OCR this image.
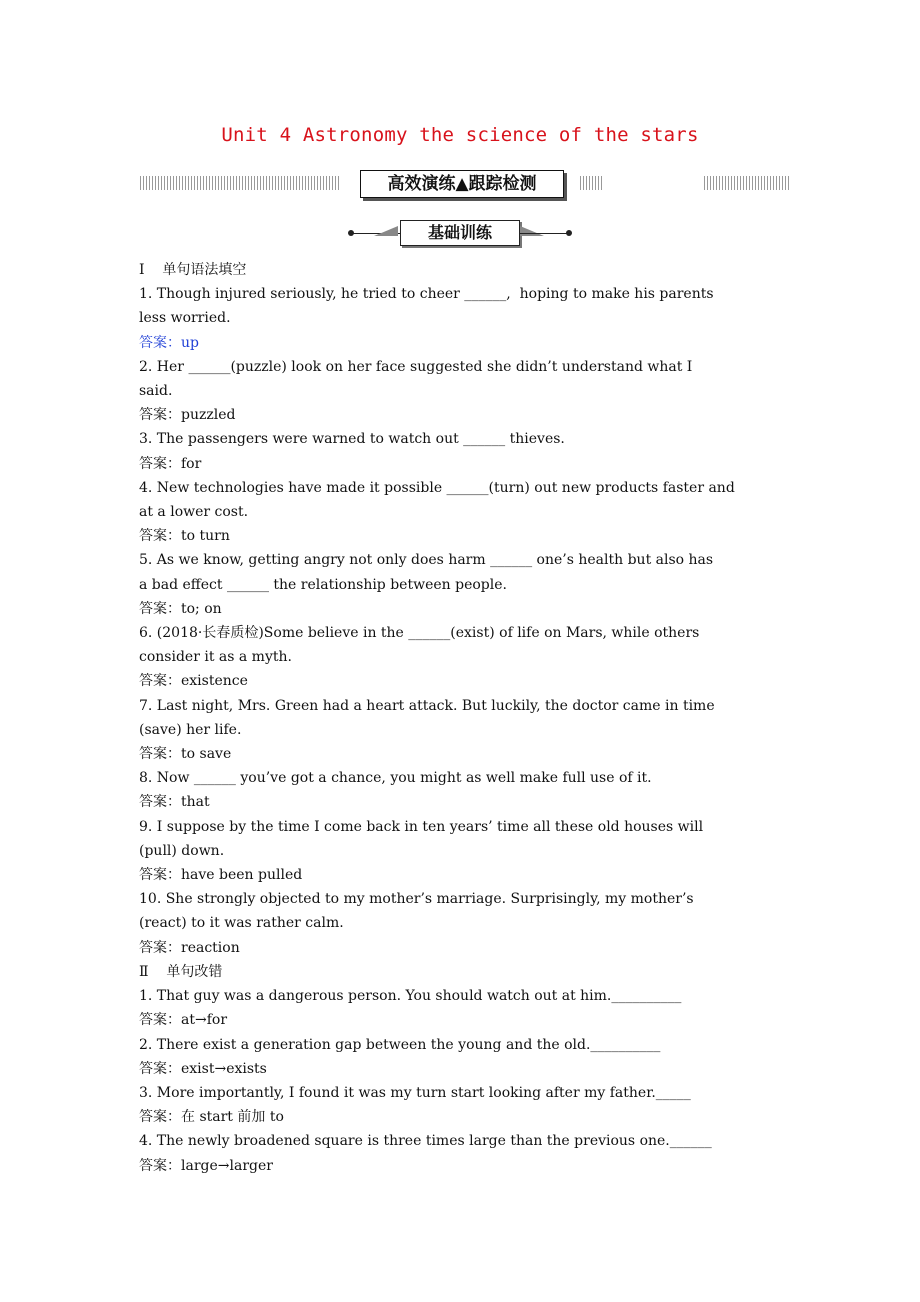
Unit 4 Astronomy the science of the stars
高效演练▲跟踪检测
基础训练
Ⅰ    单句语法填空
1. Though injured seriously, he tried to cheer ______,  hoping to make his parents
less worried.
答案：up
2. Her ______(puzzle) look on her face suggested she didn’t understand what I
said.
答案：puzzled
3. The passengers were warned to watch out ______ thieves.
答案：for
4. New technologies have made it possible ______(turn) out new products faster and
at a lower cost.
答案：to turn
5. As we know, getting angry not only does harm ______ one’s health but also has
a bad effect ______ the relationship between people.
答案：to; on
6. (2018·长春质检)Some believe in the ______(exist) of life on Mars, while others
consider it as a myth.
答案：existence
7. Last night, Mrs. Green had a heart attack. But luckily, the doctor came in time
(save) her life.
答案：to save
8. Now ______ you’ve got a chance, you might as well make full use of it.
答案：that
9. I suppose by the time I come back in ten years’ time all these old houses will
(pull) down.
答案：have been pulled
10. She strongly objected to my mother’s marriage. Surprisingly, my mother’s
(react) to it was rather calm.
答案：reaction
Ⅱ    单句改错
1. That guy was a dangerous person. You should watch out at him.__________
答案：at→for
2. There exist a generation gap between the young and the old.__________
答案：exist→exists
3. More importantly, I found it was my turn start looking after my father._____
答案：在 start 前加 to
4. The newly broadened square is three times large than the previous one.______
答案：large→larger
